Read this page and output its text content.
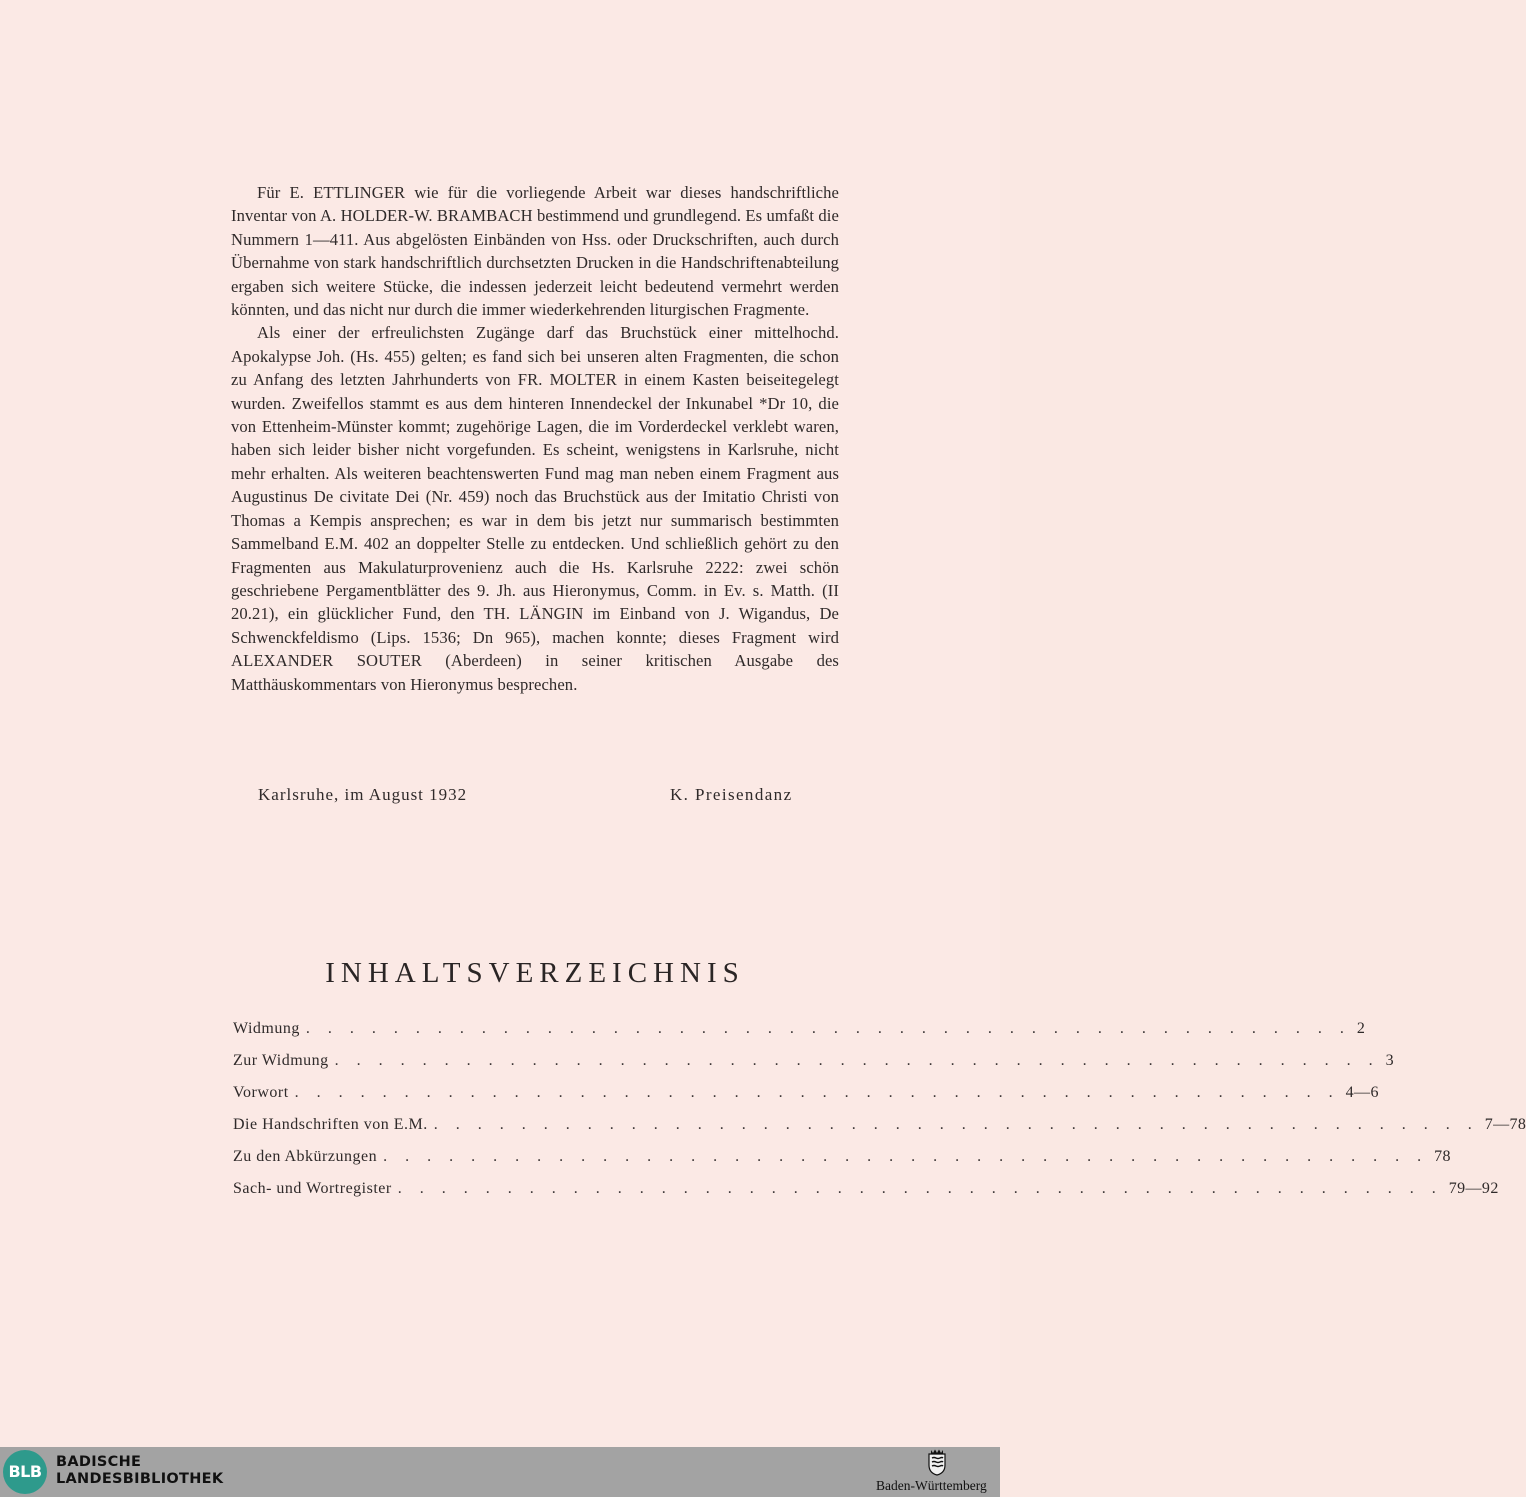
Für E. ETTLINGER wie für die vorliegende Arbeit war dieses handschriftliche Inventar von A. HOLDER-W. BRAMBACH bestimmend und grundlegend. Es umfaßt die Nummern 1—411. Aus abgelösten Einbänden von Hss. oder Druckschriften, auch durch Übernahme von stark handschriftlich durchsetzten Drucken in die Handschriftenabteilung ergaben sich weitere Stücke, die indessen jederzeit leicht bedeutend vermehrt werden könnten, und das nicht nur durch die immer wiederkehrenden liturgischen Fragmente.

Als einer der erfreulichsten Zugänge darf das Bruchstück einer mittelhochd. Apokalypse Joh. (Hs. 455) gelten; es fand sich bei unseren alten Fragmenten, die schon zu Anfang des letzten Jahrhunderts von FR. MOLTER in einem Kasten beiseitegelegt wurden. Zweifellos stammt es aus dem hinteren Innendeckel der Inkunabel *Dr 10, die von Ettenheim-Münster kommt; zugehörige Lagen, die im Vorderdeckel verklebt waren, haben sich leider bisher nicht vorgefunden. Es scheint, wenigstens in Karlsruhe, nicht mehr erhalten. Als weiteren beachtenswerten Fund mag man neben einem Fragment aus Augustinus De civitate Dei (Nr. 459) noch das Bruchstück aus der Imitatio Christi von Thomas a Kempis ansprechen; es war in dem bis jetzt nur summarisch bestimmten Sammelband E.M. 402 an doppelter Stelle zu entdecken. Und schließlich gehört zu den Fragmenten aus Makulaturprovenienz auch die Hs. Karlsruhe 2222: zwei schön geschriebene Pergamentblätter des 9. Jh. aus Hieronymus, Comm. in Ev. s. Matth. (II 20.21), ein glücklicher Fund, den TH. LÄNGIN im Einband von J. Wigandus, De Schwenckfeldismo (Lips. 1536; Dn 965), machen konnte; dieses Fragment wird ALEXANDER SOUTER (Aberdeen) in seiner kritischen Ausgabe des Matthäuskommentars von Hieronymus besprechen.

Karlsruhe, im August 1932	K. Preisendanz
INHALTSVERZEICHNIS
Widmung . . . . . . . . . . . . . . . . . . . . . . . . . . . . . . . . . . . . . . . . . . . . . . . . 2
Zur Widmung . . . . . . . . . . . . . . . . . . . . . . . . . . . . . . . . . . . . . . . . . . . . . . . . 3
Vorwort . . . . . . . . . . . . . . . . . . . . . . . . . . . . . . . . . . . . . . . . . . . . . . . . 4—6
Die Handschriften von E.M. . . . . . . . . . . . . . . . . . . . . . . . . . . . . . . . . . . . . . . . . . . . . . . . . 7—78
Zu den Abkürzungen . . . . . . . . . . . . . . . . . . . . . . . . . . . . . . . . . . . . . . . . . . . . . . . . 78
Sach- und Wortregister . . . . . . . . . . . . . . . . . . . . . . . . . . . . . . . . . . . . . . . . . . . . . . . . 79—92
BLB BADISCHE
LANDESBIBLIOTHEK	Baden-Württemberg
